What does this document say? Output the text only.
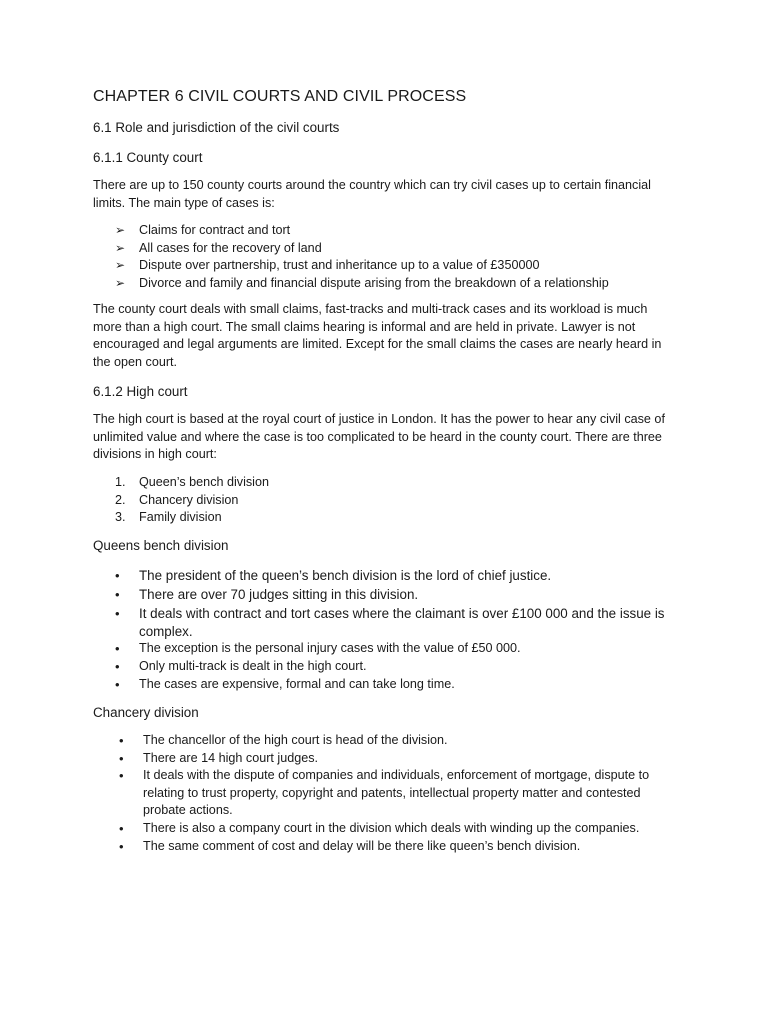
CHAPTER 6 CIVIL COURTS AND CIVIL PROCESS
6.1 Role and jurisdiction of the civil courts
6.1.1 County court

There are up to 150 county courts around the country which can try civil cases up to certain financial limits. The main type of cases is:

➢ Claims for contract and tort
➢ All cases for the recovery of land
➢ Dispute over partnership, trust and inheritance up to a value of £350000
➢ Divorce and family and financial dispute arising from the breakdown of a relationship

The county court deals with small claims, fast-tracks and multi-track cases and its workload is much more than a high court. The small claims hearing is informal and are held in private. Lawyer is not encouraged and legal arguments are limited. Except for the small claims the cases are nearly heard in the open court.

6.1.2 High court

The high court is based at the royal court of justice in London. It has the power to hear any civil case of unlimited value and where the case is too complicated to be heard in the county court. There are three divisions in high court:

1. Queen’s bench division
2. Chancery division
3. Family division
Queens bench division
• The president of the queen’s bench division is the lord of chief justice.
• There are over 70 judges sitting in this division.
• It deals with contract and tort cases where the claimant is over £100 000 and the issue is complex.
• The exception is the personal injury cases with the value of £50 000.
• Only multi-track is dealt in the high court.
• The cases are expensive, formal and can take long time.
Chancery division
• The chancellor of the high court is head of the division.
• There are 14 high court judges.
• It deals with the dispute of companies and individuals, enforcement of mortgage, dispute to relating to trust property, copyright and patents, intellectual property matter and contested probate actions.
• There is also a company court in the division which deals with winding up the companies.
• The same comment of cost and delay will be there like queen’s bench division.
